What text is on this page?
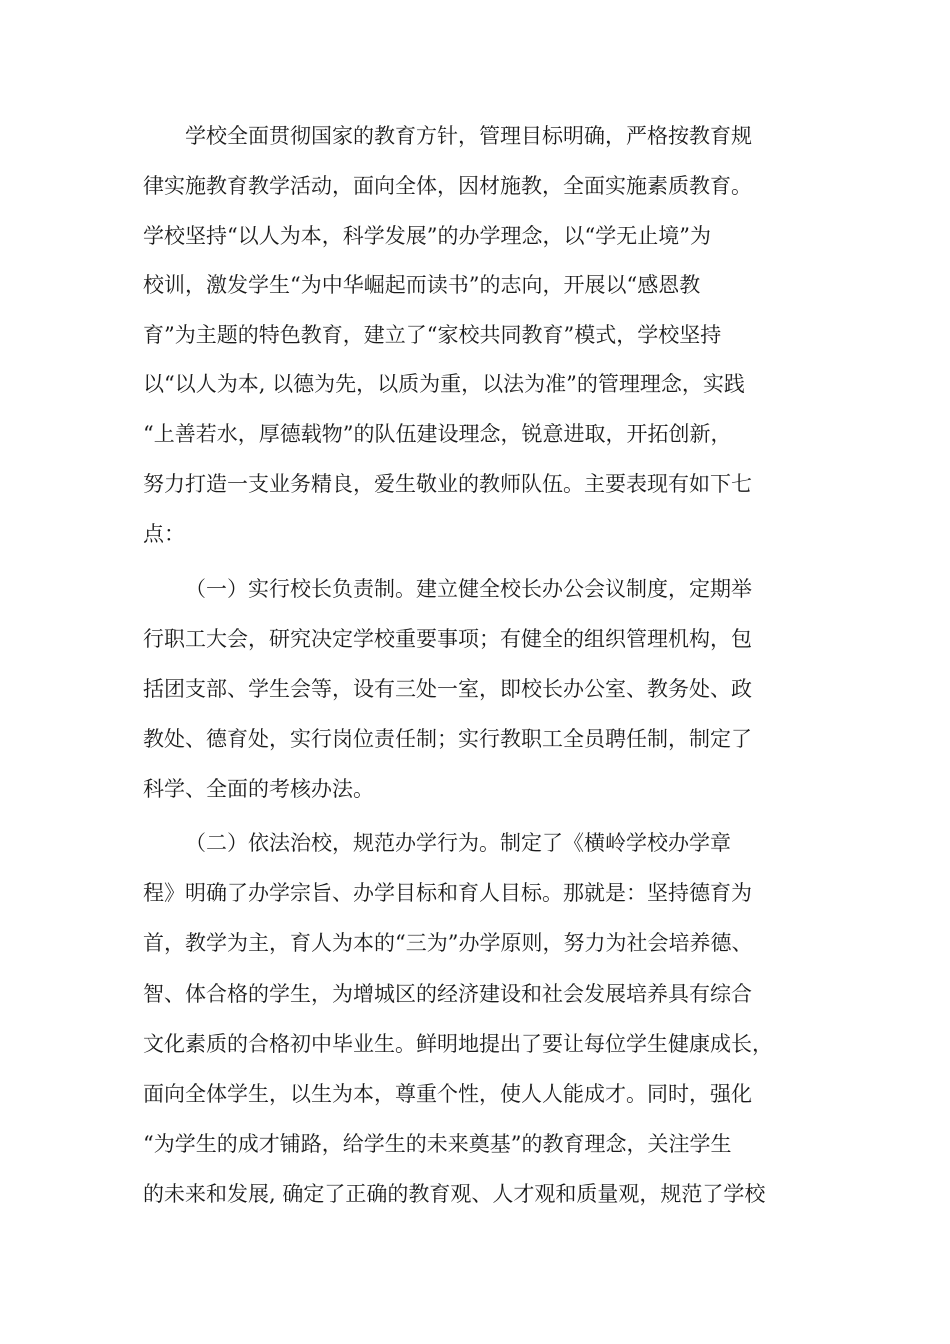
学校全面贯彻国家的教育方针，管理目标明确，严格按教育规

律实施教育教学活动，面向全体，因材施教，全面实施素质教育。

学校坚持“以人为本，科学发展”的办学理念，以“学无止境”为

校训，激发学生“为中华崛起而读书”的志向，开展以“感恩教

育”为主题的特色教育，建立了“家校共同教育”模式，学校坚持

以“以人为本, 以德为先，以质为重，以法为准”的管理理念，实践

“上善若水，厚德载物”的队伍建设理念，锐意进取，开拓创新，

努力打造一支业务精良，爱生敬业的教师队伍。主要表现有如下七

点：

（一）实行校长负责制。建立健全校长办公会议制度，定期举

行职工大会，研究决定学校重要事项；有健全的组织管理机构，包

括团支部、学生会等，设有三处一室，即校长办公室、教务处、政

教处、德育处，实行岗位责任制；实行教职工全员聘任制，制定了

科学、全面的考核办法。

（二）依法治校，规范办学行为。制定了《横岭学校办学章

程》明确了办学宗旨、办学目标和育人目标。那就是：坚持德育为

首，教学为主，育人为本的“三为”办学原则，努力为社会培养德、

智、体合格的学生，为增城区的经济建设和社会发展培养具有综合

文化素质的合格初中毕业生。鲜明地提出了要让每位学生健康成长，

面向全体学生，以生为本，尊重个性，使人人能成才。同时，强化

“为学生的成才铺路，给学生的未来奠基”的教育理念，关注学生

的未来和发展, 确定了正确的教育观、人才观和质量观，规范了学校
